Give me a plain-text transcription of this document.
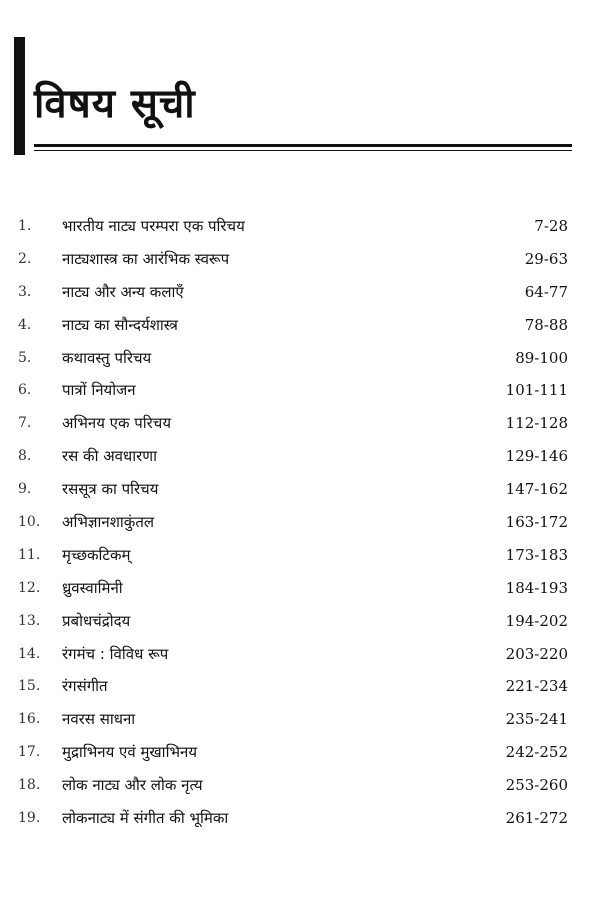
विषय सूची
1. भारतीय नाट्य परम्परा एक परिचय	7-28
2. नाट्यशास्त्र का आरंभिक स्वरूप	29-63
3. नाट्य और अन्य कलाएँ	64-77
4. नाट्य का सौन्दर्यशास्त्र	78-88
5. कथावस्तु परिचय	89-100
6. पात्रों नियोजन	101-111
7. अभिनय एक परिचय	112-128
8. रस की अवधारणा	129-146
9. रससूत्र का परिचय	147-162
10. अभिज्ञानशाकुंतल	163-172
11. मृच्छकटिकम्	173-183
12. ध्रुवस्वामिनी	184-193
13. प्रबोधचंद्रोदय	194-202
14. रंगमंच : विविध रूप	203-220
15. रंगसंगीत	221-234
16. नवरस साधना	235-241
17. मुद्राभिनय एवं मुखाभिनय	242-252
18. लोक नाट्य और लोक नृत्य	253-260
19. लोकनाट्य में संगीत की भूमिका	261-272
